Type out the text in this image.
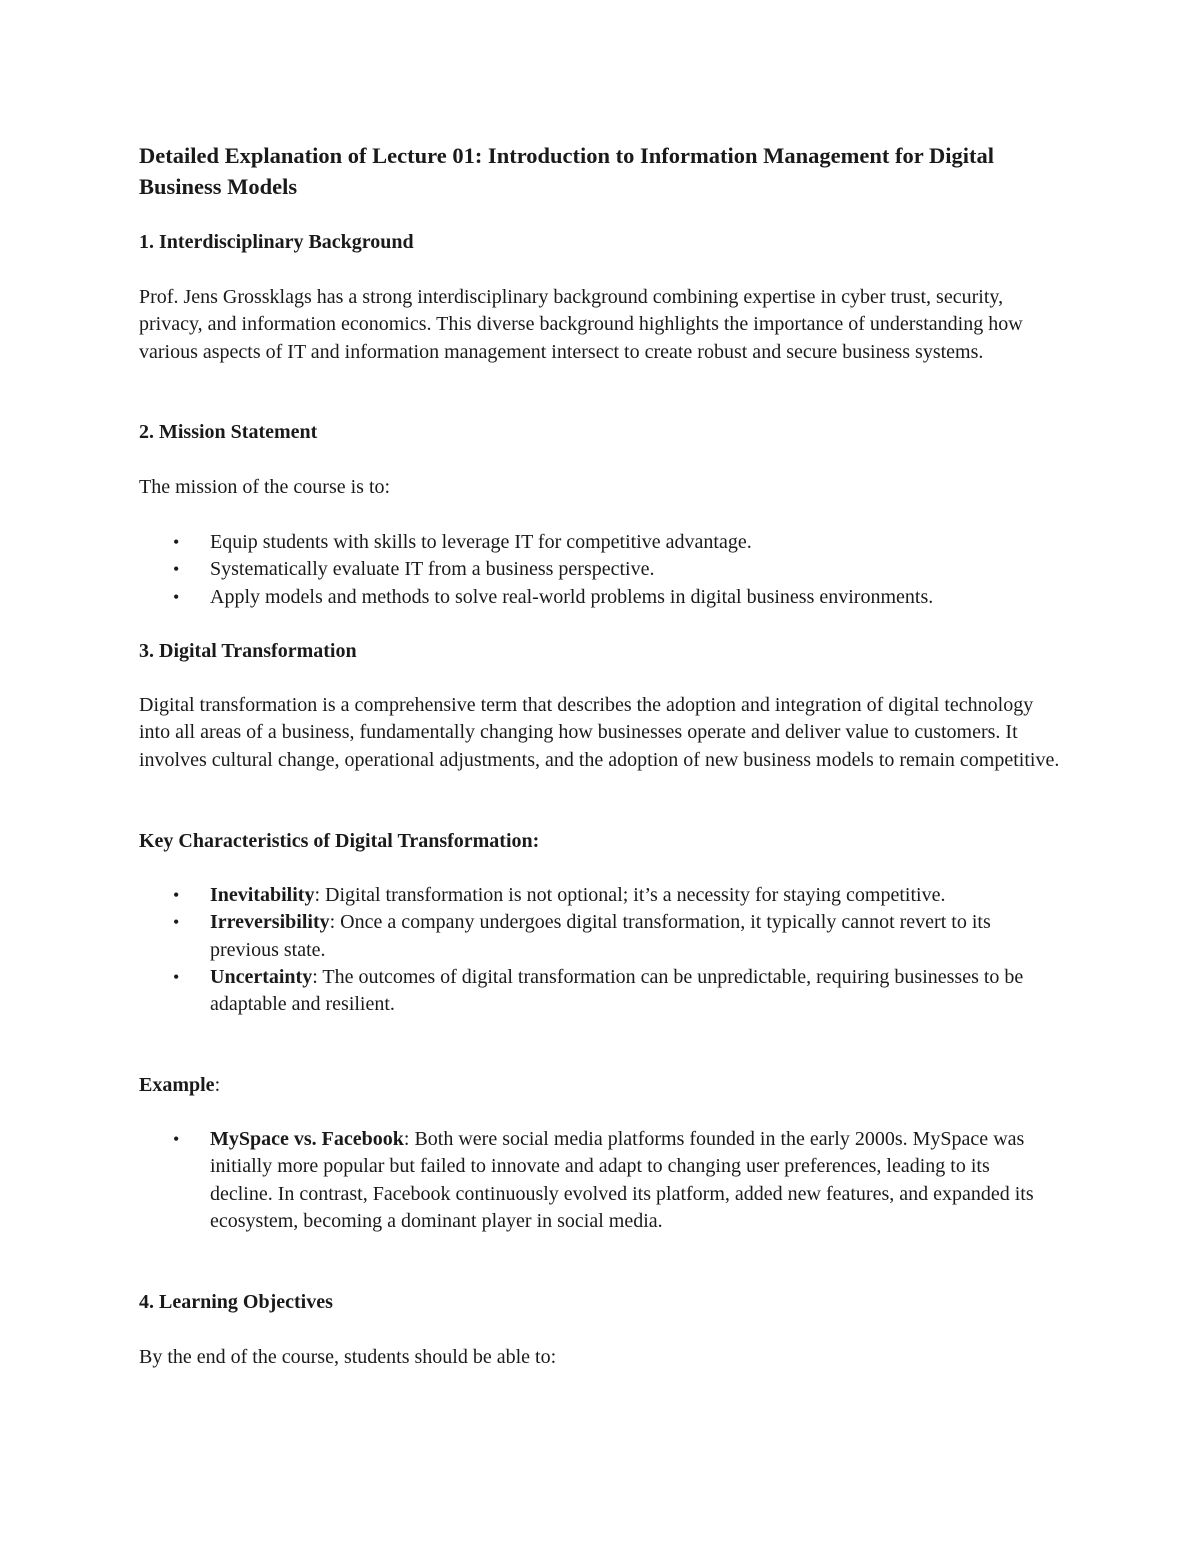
Detailed Explanation of Lecture 01: Introduction to Information Management for Digital Business Models
1. Interdisciplinary Background

Prof. Jens Grossklags has a strong interdisciplinary background combining expertise in cyber trust, security, privacy, and information economics. This diverse background highlights the importance of understanding how various aspects of IT and information management intersect to create robust and secure business systems.

2. Mission Statement

The mission of the course is to:

• Equip students with skills to leverage IT for competitive advantage.
• Systematically evaluate IT from a business perspective.
• Apply models and methods to solve real-world problems in digital business environments.
3. Digital Transformation

Digital transformation is a comprehensive term that describes the adoption and integration of digital technology into all areas of a business, fundamentally changing how businesses operate and deliver value to customers. It involves cultural change, operational adjustments, and the adoption of new business models to remain competitive.

Key Characteristics of Digital Transformation:
• Inevitability: Digital transformation is not optional; it’s a necessity for staying competitive.
• Irreversibility: Once a company undergoes digital transformation, it typically cannot revert to its previous state.
• Uncertainty: The outcomes of digital transformation can be unpredictable, requiring businesses to be adaptable and resilient.

Example:

• MySpace vs. Facebook: Both were social media platforms founded in the early 2000s. MySpace was initially more popular but failed to innovate and adapt to changing user preferences, leading to its decline. In contrast, Facebook continuously evolved its platform, added new features, and expanded its ecosystem, becoming a dominant player in social media.
4. Learning Objectives

By the end of the course, students should be able to:
